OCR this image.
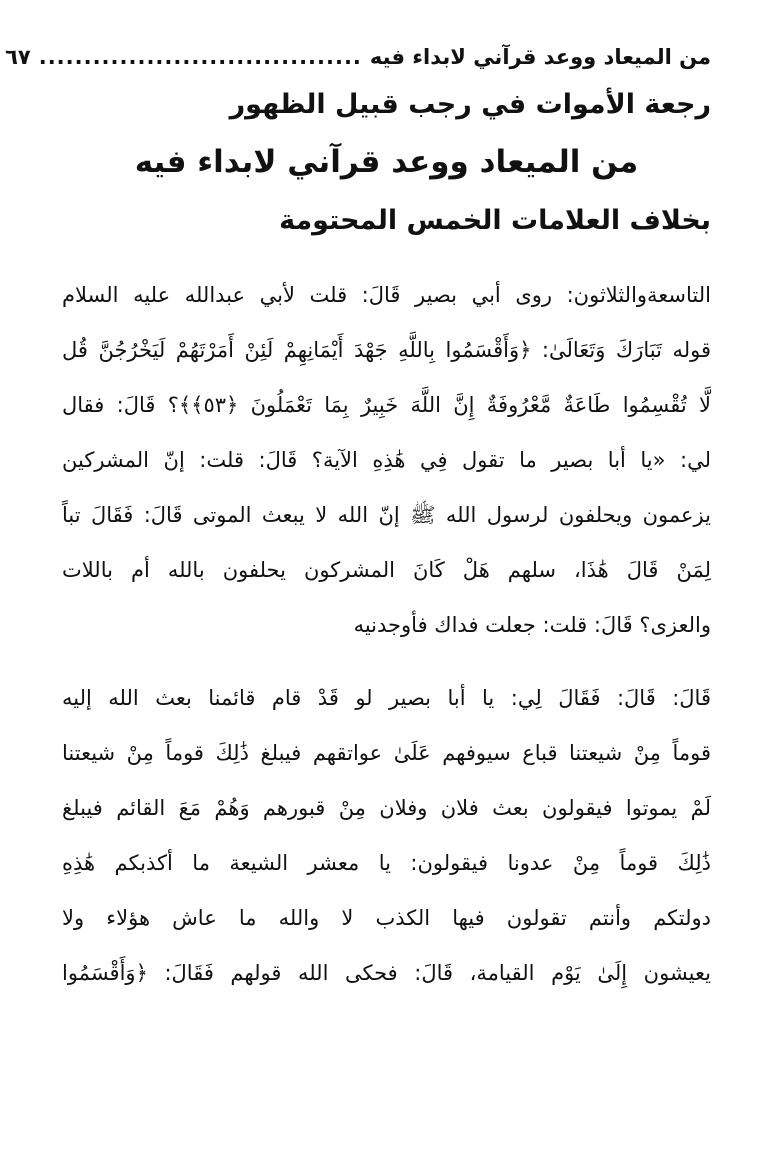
من الميعاد ووعد قرآني لابداء فيه
....................................
٦٧
رجعة الأموات في رجب قبيل الظهور
من الميعاد ووعد قرآني لابداء فيه
بخلاف العلامات الخمس المحتومة
التاسعةوالثلاثون: روى أبي بصير قَالَ: قلت لأبي عبدالله عليه السلام
قوله تَبَارَكَ وَتَعَالَىٰ: ﴿وَأَقْسَمُوا بِاللَّهِ جَهْدَ أَيْمَانِهِمْ لَئِنْ أَمَرْتَهُمْ لَيَخْرُجُنَّ قُل
لَّا تُقْسِمُوا طَاعَةٌ مَّعْرُوفَةٌ إِنَّ اللَّهَ خَبِيرٌ بِمَا تَعْمَلُونَ ﴿٥٣﴾﴾؟ قَالَ: فقال
لي: «يا أبا بصير ما تقول فِي هَٰذِهِ الآية؟ قَالَ: قلت: إنّ المشركين
يزعمون ويحلفون لرسول الله ﷺ إنّ الله لا يبعث الموتى قَالَ: فَقَالَ تباً
لِمَنْ قَالَ هَٰذَا، سلهم هَلْ كَانَ المشركون يحلفون بالله أم باللات
والعزى؟ قَالَ: قلت: جعلت فداك فأوجدنيه
قَالَ: قَالَ: فَقَالَ لِي: يا أبا بصير لو قَدْ قام قائمنا بعث الله إليه
قوماً مِنْ شيعتنا قباع سيوفهم عَلَىٰ عواتقهم فيبلغ ذَٰلِكَ قوماً مِنْ شيعتنا
لَمْ يموتوا فيقولون بعث فلان وفلان مِنْ قبورهم وَهُمْ مَعَ القائم فيبلغ
ذَٰلِكَ قوماً مِنْ عدونا فيقولون: يا معشر الشيعة ما أكذبكم هَٰذِهِ
دولتكم وأنتم تقولون فيها الكذب لا والله ما عاش هؤلاء ولا
يعيشون إِلَىٰ يَوْم القيامة، قَالَ: فحكى الله قولهم فَقَالَ: ﴿وَأَقْسَمُوا
